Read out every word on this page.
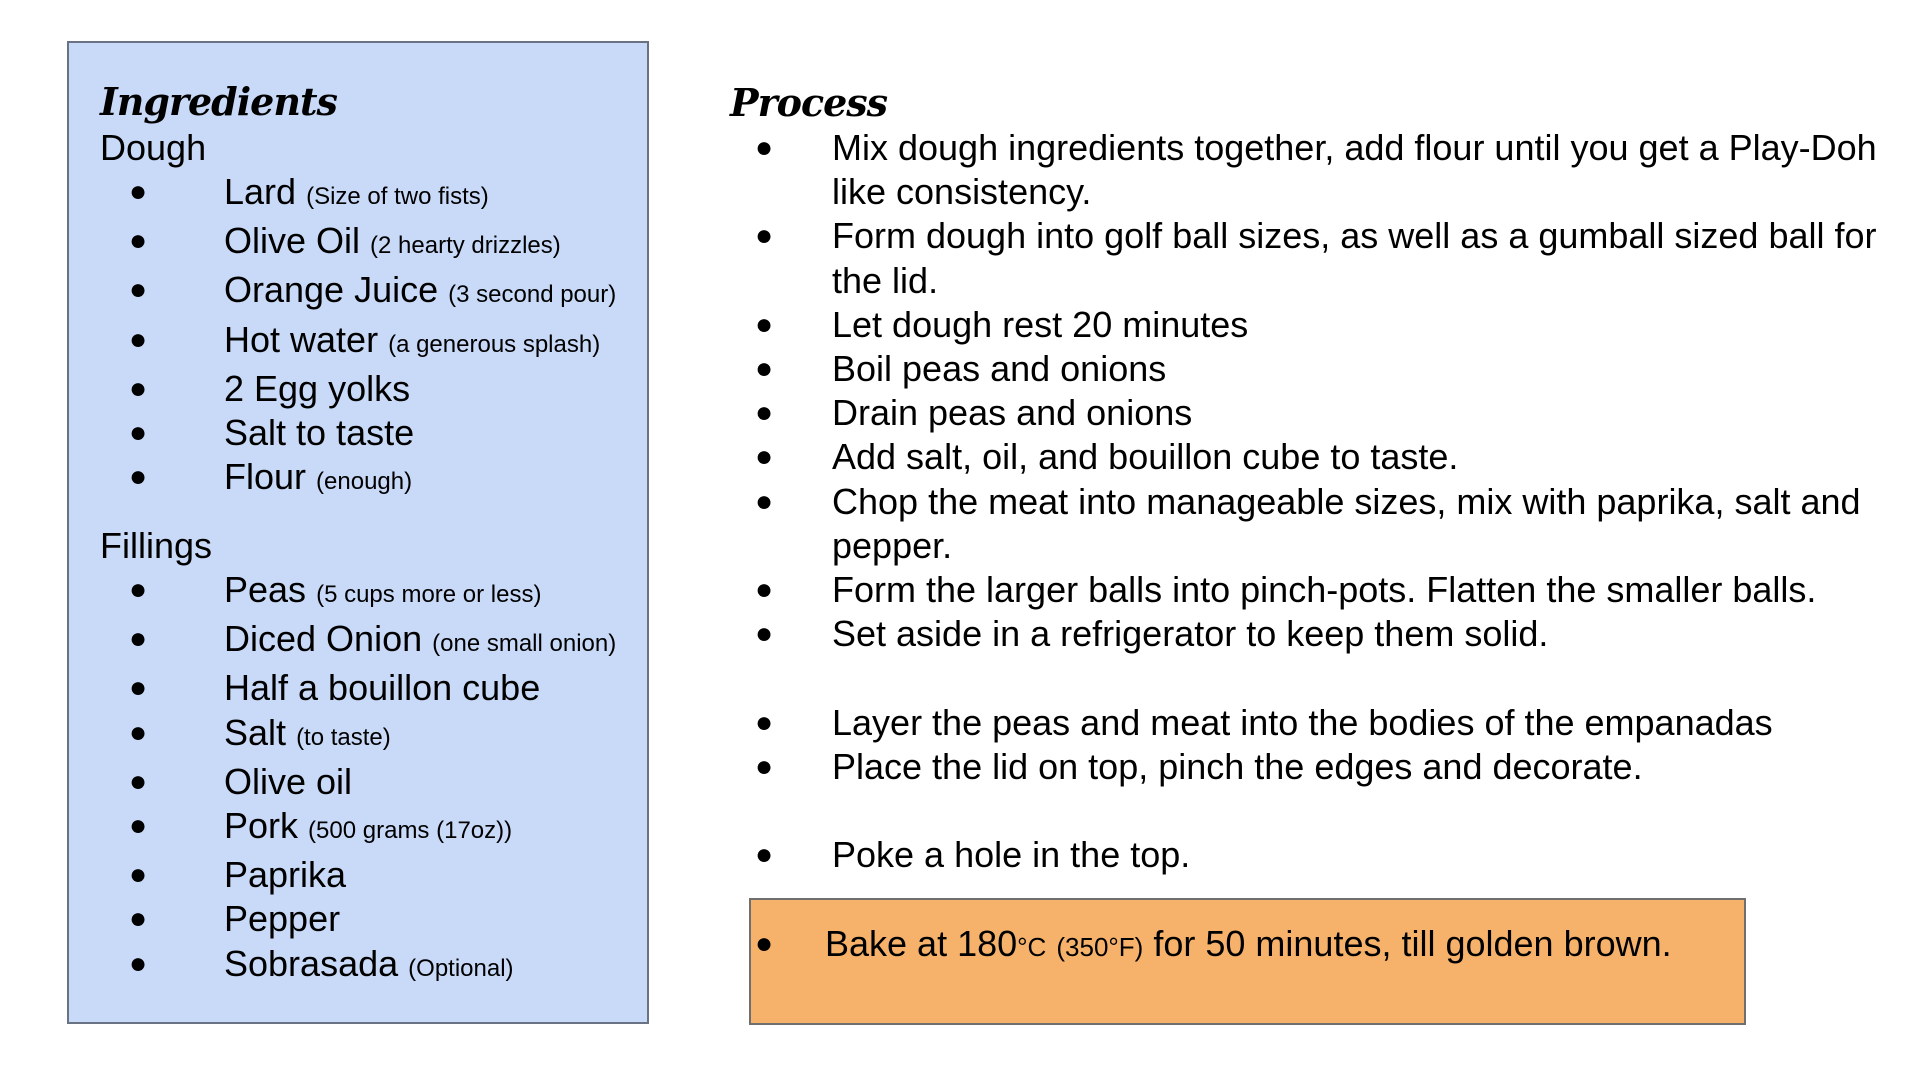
Ingredients
Dough
● Lard (Size of two fists)
● Olive Oil (2 hearty drizzles)
● Orange Juice (3 second pour)
● Hot water (a generous splash)
● 2 Egg yolks
● Salt to taste
● Flour (enough)
Fillings
● Peas (5 cups more or less)
● Diced Onion (one small onion)
● Half a bouillon cube
● Salt (to taste)
● Olive oil
● Pork (500 grams (17oz))
● Paprika
● Pepper
● Sobrasada (Optional)
Process
● Mix dough ingredients together, add flour until you get a Play-Doh like consistency.
● Form dough into golf ball sizes, as well as a gumball sized ball for the lid.
● Let dough rest 20 minutes
● Boil peas and onions
● Drain peas and onions
● Add salt, oil, and bouillon cube to taste.
● Chop the meat into manageable sizes, mix with paprika, salt and pepper.
● Form the larger balls into pinch-pots. Flatten the smaller balls.
● Set aside in a refrigerator to keep them solid.
● Layer the peas and meat into the bodies of the empanadas
● Place the lid on top, pinch the edges and decorate.
● Poke a hole in the top.
● Bake at 180°C (350°F) for 50 minutes, till golden brown.
